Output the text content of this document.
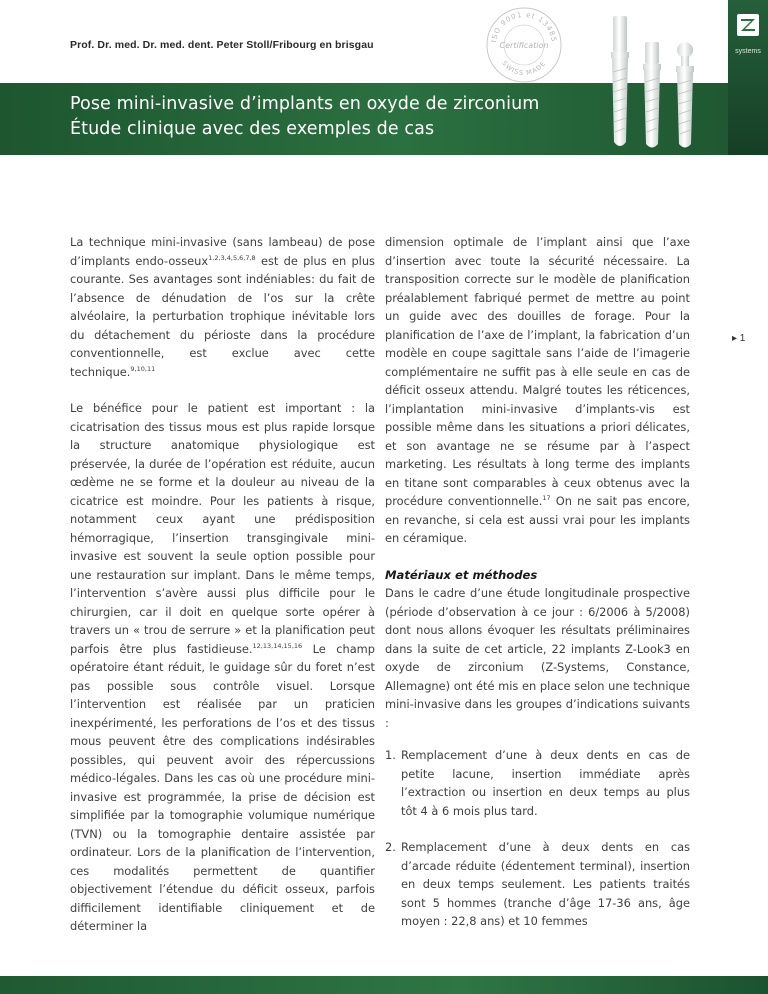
Prof. Dr. med. Dr. med. dent. Peter Stoll/Fribourg en brisgau	ISO 9001 et 13485
Certification
SWISS MADE
Pose mini-invasive d’implants en oxyde de zirconium
Étude clinique avec des exemples de cas
systems

La technique mini-invasive (sans lambeau) de pose d’implants endo-osseux$^{1,2,3,4,5,6,7,8}$ est de plus en plus courante. Ses avantages sont indéniables: du fait de l’absence de dénudation de l’os sur la crête alvéolaire, la perturbation trophique inévitable lors du détachement du périoste dans la procédure conventionnelle, est exclue avec cette technique.$^{9,10,11}$

Le bénéfice pour le patient est important : la cicatrisation des tissus mous est plus rapide lorsque la structure anatomique physiologique est préservée, la durée de l’opération est réduite, aucun œdème ne se forme et la douleur au niveau de la cicatrice est moindre. Pour les patients à risque, notamment ceux ayant une prédisposition hémorragique, l’insertion transgingivale mini-invasive est souvent la seule option possible pour une restauration sur implant. Dans le même temps, l’intervention s’avère aussi plus difficile pour le chirurgien, car il doit en quelque sorte opérer à travers un « trou de serrure » et la planification peut parfois être plus fastidieuse.$^{12,13,14,15,16}$ Le champ opératoire étant réduit, le guidage sûr du foret n’est pas possible sous contrôle visuel. Lorsque l’intervention est réalisée par un praticien inexpérimenté, les perforations de l’os et des tissus mous peuvent être des complications indésirables possibles, qui peuvent avoir des répercussions médico-légales. Dans les cas où une procédure mini-invasive est programmée, la prise de décision est simplifiée par la tomographie volumique numérique (TVN) ou la tomographie dentaire assistée par ordinateur. Lors de la planification de l’intervention, ces modalités permettent de quantifier objectivement l’étendue du déficit osseux, parfois difficilement identifiable cliniquement et de déterminer la

dimension optimale de l’implant ainsi que l’axe d’insertion avec toute la sécurité nécessaire. La transposition correcte sur le modèle de planification préalablement fabriqué permet de mettre au point un guide avec des douilles de forage. Pour la planification de l’axe de l’implant, la fabrication d’un modèle en coupe sagittale sans l’aide de l’imagerie complémentaire ne suffit pas à elle seule en cas de déficit osseux attendu. Malgré toutes les réticences, l’implantation mini-invasive d’implants-vis est possible même dans les situations a priori délicates, et son avantage ne se résume par à l’aspect marketing. Les résultats à long terme des implants en titane sont comparables à ceux obtenus avec la procédure conventionnelle.$^{17}$ On ne sait pas encore, en revanche, si cela est aussi vrai pour les implants en céramique.

Matériaux et méthodes

Dans le cadre d’une étude longitudinale prospective (période d’observation à ce jour : 6/2006 à 5/2008) dont nous allons évoquer les résultats préliminaires dans la suite de cet article, 22 implants Z-Look3 en oxyde de zirconium (Z-Systems, Constance, Allemagne) ont été mis en place selon une technique mini-invasive dans les groupes d’indications suivants :

1. Remplacement d’une à deux dents en cas de petite lacune, insertion immédiate après l’extraction ou insertion en deux temps au plus tôt 4 à 6 mois plus tard.
2. Remplacement d’une à deux dents en cas d’arcade réduite (édentement terminal), insertion en deux temps seulement. Les patients traités sont 5 hommes (tranche d’âge 17-36 ans, âge moyen : 22,8 ans) et 10 femmes
▸ 1
